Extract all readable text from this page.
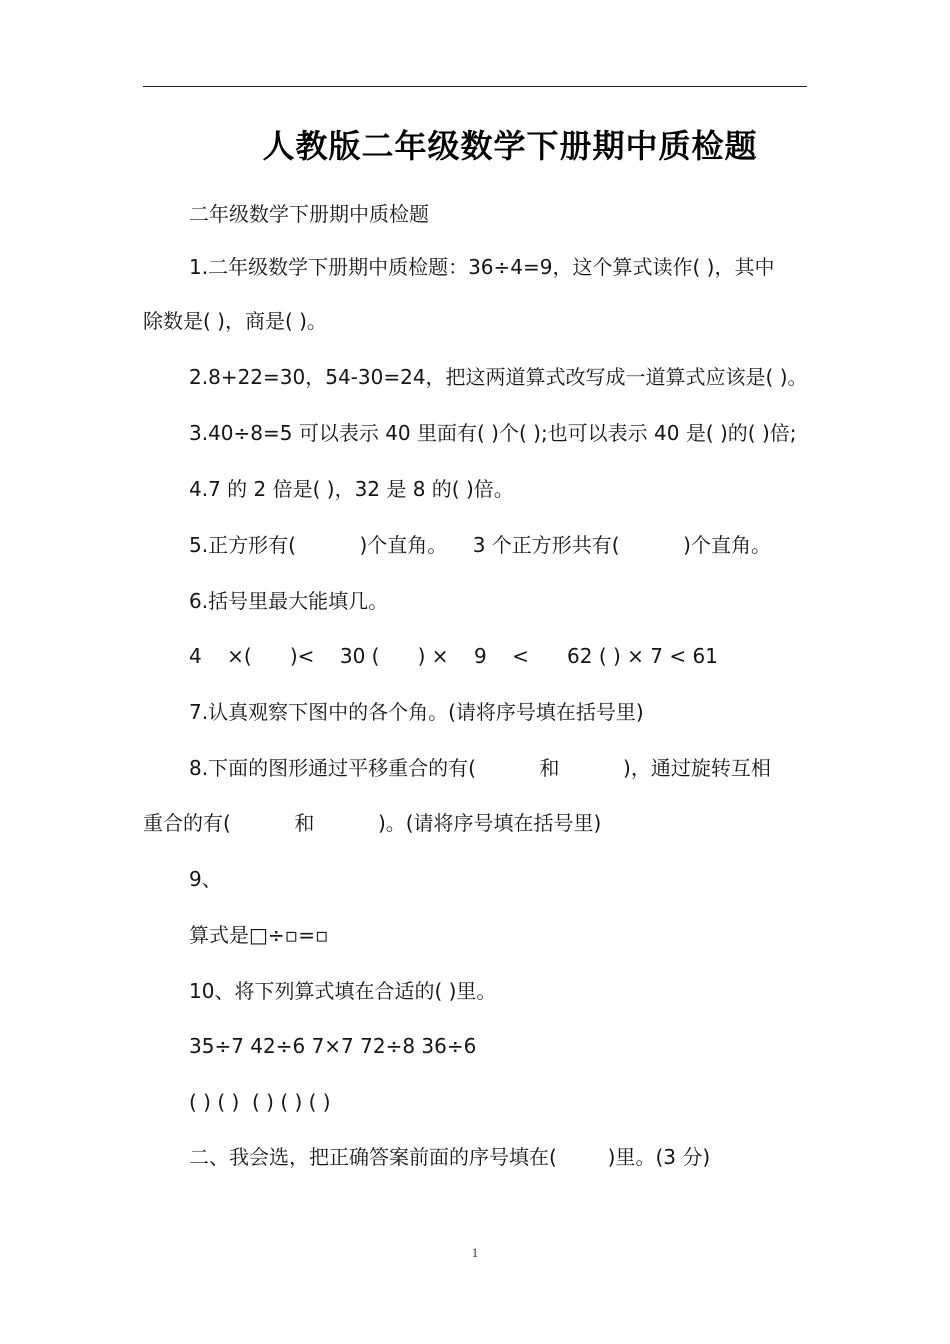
人教版二年级数学下册期中质检题
二年级数学下册期中质检题
1.二年级数学下册期中质检题：36÷4=9，这个算式读作( )，其中
除数是( )，商是( )。
2.8+22=30，54-30=24，把这两道算式改写成一道算式应该是( )。
3.40÷8=5 可以表示 40 里面有( )个( );也可以表示 40 是( )的( )倍;
4.7 的 2 倍是( )，32 是 8 的( )倍。
5.正方形有(          )个直角。    3 个正方形共有(          )个直角。
6.括号里最大能填几。
4    ×(      )<    30 (      ) ×    9    <      62 ( ) × 7 < 61
7.认真观察下图中的各个角。(请将序号填在括号里)
8.下面的图形通过平移重合的有(          和          )，通过旋转互相
重合的有(          和          )。(请将序号填在括号里)
9、
算式是□÷▫=▫
10、将下列算式填在合适的( )里。
35÷7 42÷6 7×7 72÷8 36÷6
( ) ( )  ( ) ( ) ( )
二、我会选，把正确答案前面的序号填在(        )里。(3 分)
1
